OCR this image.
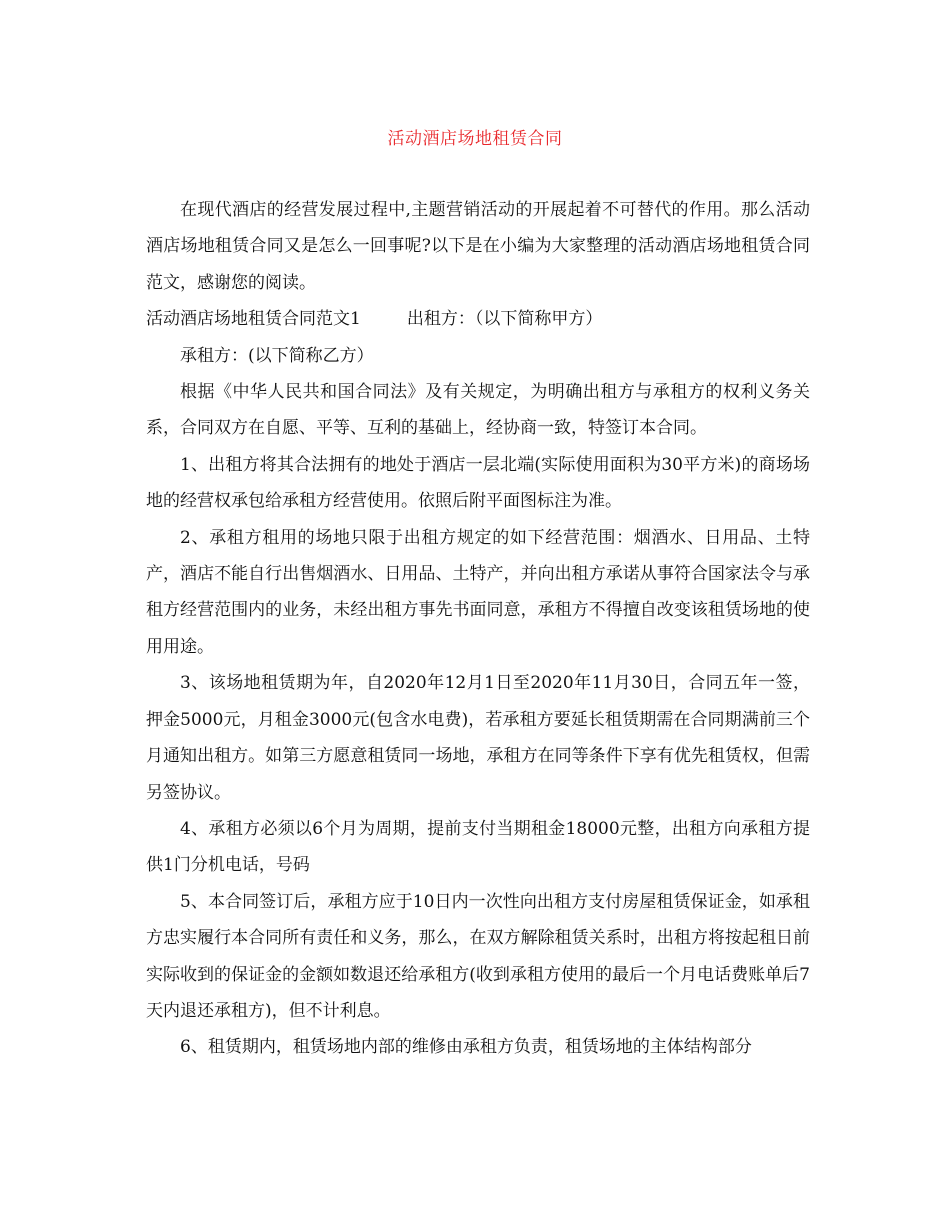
活动酒店场地租赁合同

在现代酒店的经营发展过程中,主题营销活动的开展起着不可替代的作用。那么活动酒店场地租赁合同又是怎么一回事呢?以下是在小编为大家整理的活动酒店场地租赁合同范文，感谢您的阅读。

活动酒店场地租赁合同范文1	出租方：（以下简称甲方）

承租方：(以下简称乙方）

根据《中华人民共和国合同法》及有关规定，为明确出租方与承租方的权利义务关系，合同双方在自愿、平等、互利的基础上，经协商一致，特签订本合同。

1、出租方将其合法拥有的地处于酒店一层北端(实际使用面积为30平方米)的商场场地的经营权承包给承租方经营使用。依照后附平面图标注为准。

2、承租方租用的场地只限于出租方规定的如下经营范围：烟酒水、日用品、土特产，酒店不能自行出售烟酒水、日用品、土特产，并向出租方承诺从事符合国家法令与承租方经营范围内的业务，未经出租方事先书面同意，承租方不得擅自改变该租赁场地的使用用途。

3、该场地租赁期为年，自2020年12月1日至2020年11月30日，合同五年一签，押金5000元，月租金3000元(包含水电费)，若承租方要延长租赁期需在合同期满前三个月通知出租方。如第三方愿意租赁同一场地，承租方在同等条件下享有优先租赁权，但需另签协议。

4、承租方必须以6个月为周期，提前支付当期租金18000元整，出租方向承租方提供1门分机电话，号码

5、本合同签订后，承租方应于10日内一次性向出租方支付房屋租赁保证金，如承租方忠实履行本合同所有责任和义务，那么，在双方解除租赁关系时，出租方将按起租日前实际收到的保证金的金额如数退还给承租方(收到承租方使用的最后一个月电话费账单后7天内退还承租方)，但不计利息。

6、租赁期内，租赁场地内部的维修由承租方负责，租赁场地的主体结构部分
